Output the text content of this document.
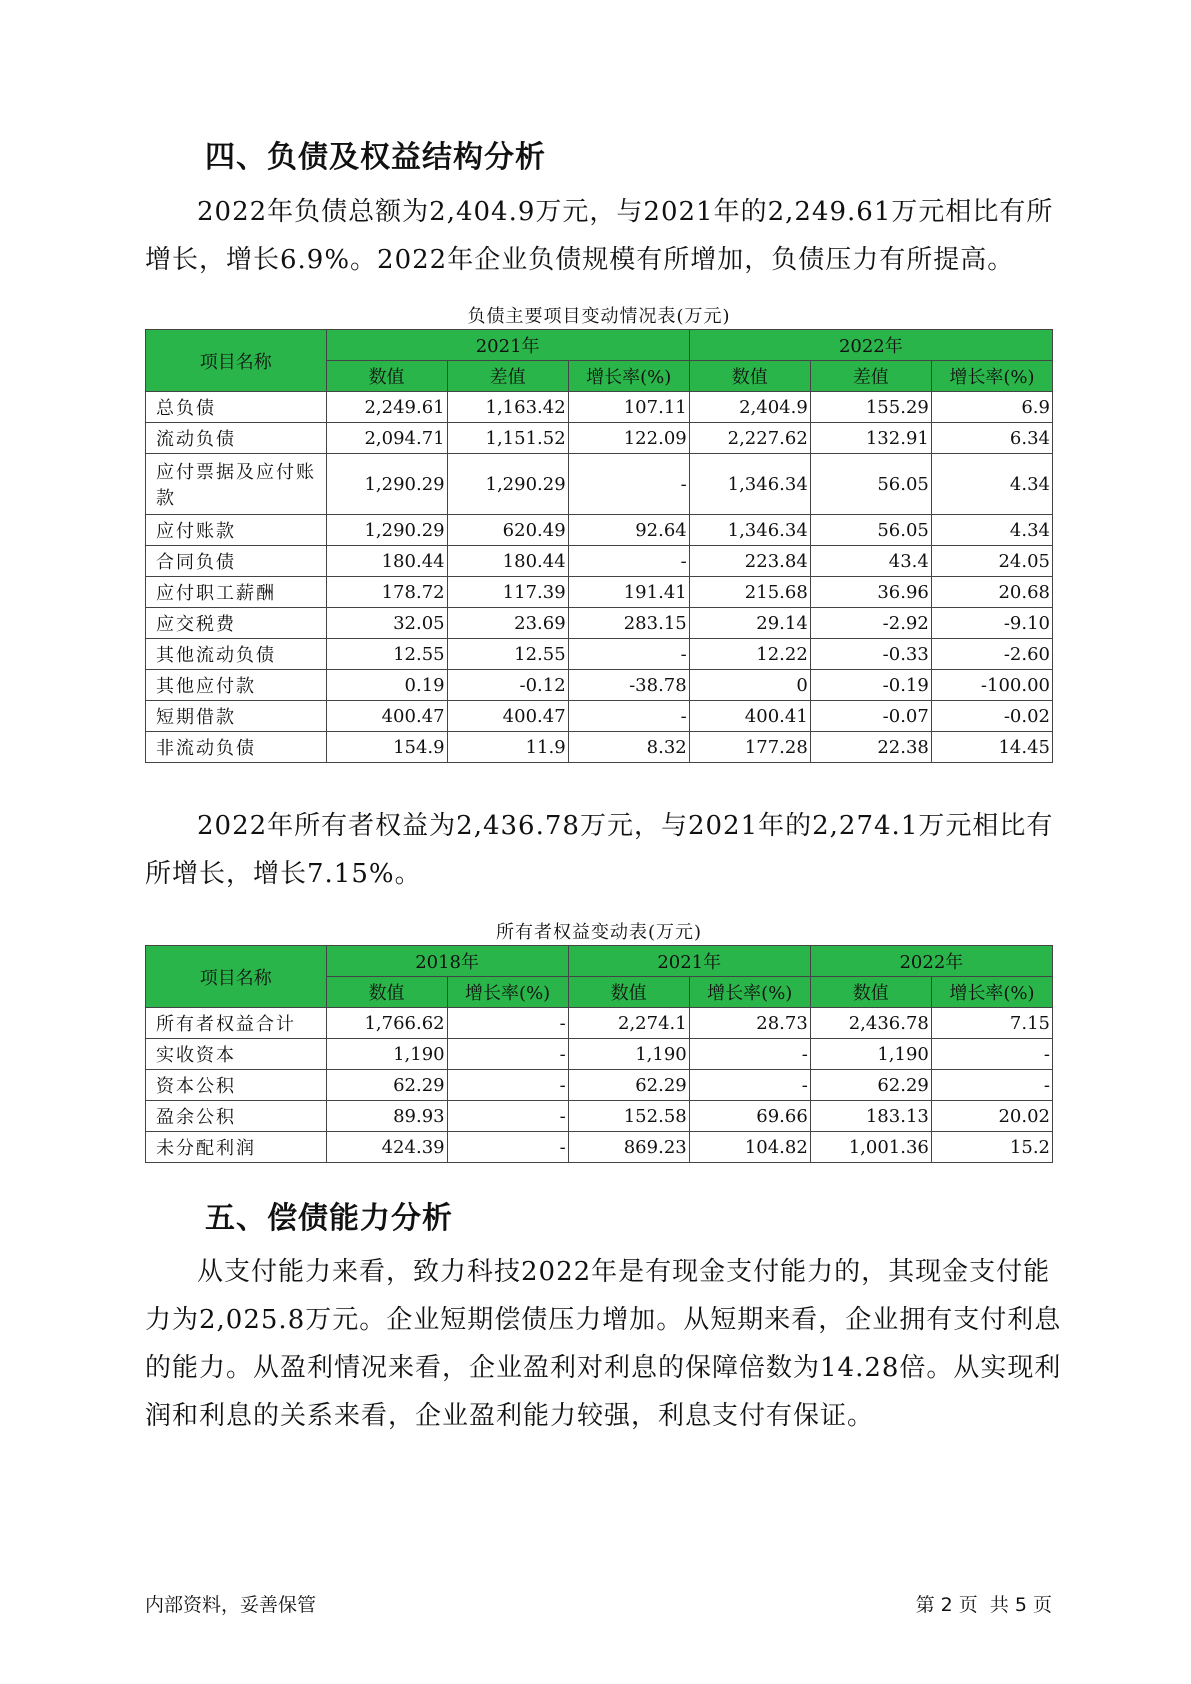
四、负债及权益结构分析
2022年负债总额为2,404.9万元，与2021年的2,249.61万元相比有所增长，增长6.9%。2022年企业负债规模有所增加，负债压力有所提高。
负债主要项目变动情况表(万元)
项目名称	2021年			2022年		
	数值	差值	增长率(%)	数值	差值	增长率(%)
总负债	2,249.61	1,163.42	107.11	2,404.9	155.29	6.9
流动负债	2,094.71	1,151.52	122.09	2,227.62	132.91	6.34
应付票据及应付账款	1,290.29	1,290.29	-	1,346.34	56.05	4.34
应付账款	1,290.29	620.49	92.64	1,346.34	56.05	4.34
合同负债	180.44	180.44	-	223.84	43.4	24.05
应付职工薪酬	178.72	117.39	191.41	215.68	36.96	20.68
应交税费	32.05	23.69	283.15	29.14	-2.92	-9.10
其他流动负债	12.55	12.55	-	12.22	-0.33	-2.60
其他应付款	0.19	-0.12	-38.78	0	-0.19	-100.00
短期借款	400.47	400.47	-	400.41	-0.07	-0.02
非流动负债	154.9	11.9	8.32	177.28	22.38	14.45
2022年所有者权益为2,436.78万元，与2021年的2,274.1万元相比有所增长，增长7.15%。
所有者权益变动表(万元)
项目名称	2018年		2021年		2022年	
	数值	增长率(%)	数值	增长率(%)	数值	增长率(%)
所有者权益合计	1,766.62	-	2,274.1	28.73	2,436.78	7.15
实收资本	1,190	-	1,190	-	1,190	-
资本公积	62.29	-	62.29	-	62.29	-
盈余公积	89.93	-	152.58	69.66	183.13	20.02
未分配利润	424.39	-	869.23	104.82	1,001.36	15.2
五、偿债能力分析
从支付能力来看，致力科技2022年是有现金支付能力的，其现金支付能力为2,025.8万元。企业短期偿债压力增加。从短期来看，企业拥有支付利息的能力。从盈利情况来看，企业盈利对利息的保障倍数为14.28倍。从实现利润和利息的关系来看，企业盈利能力较强，利息支付有保证。
内部资料，妥善保管	第 2 页  共 5 页
